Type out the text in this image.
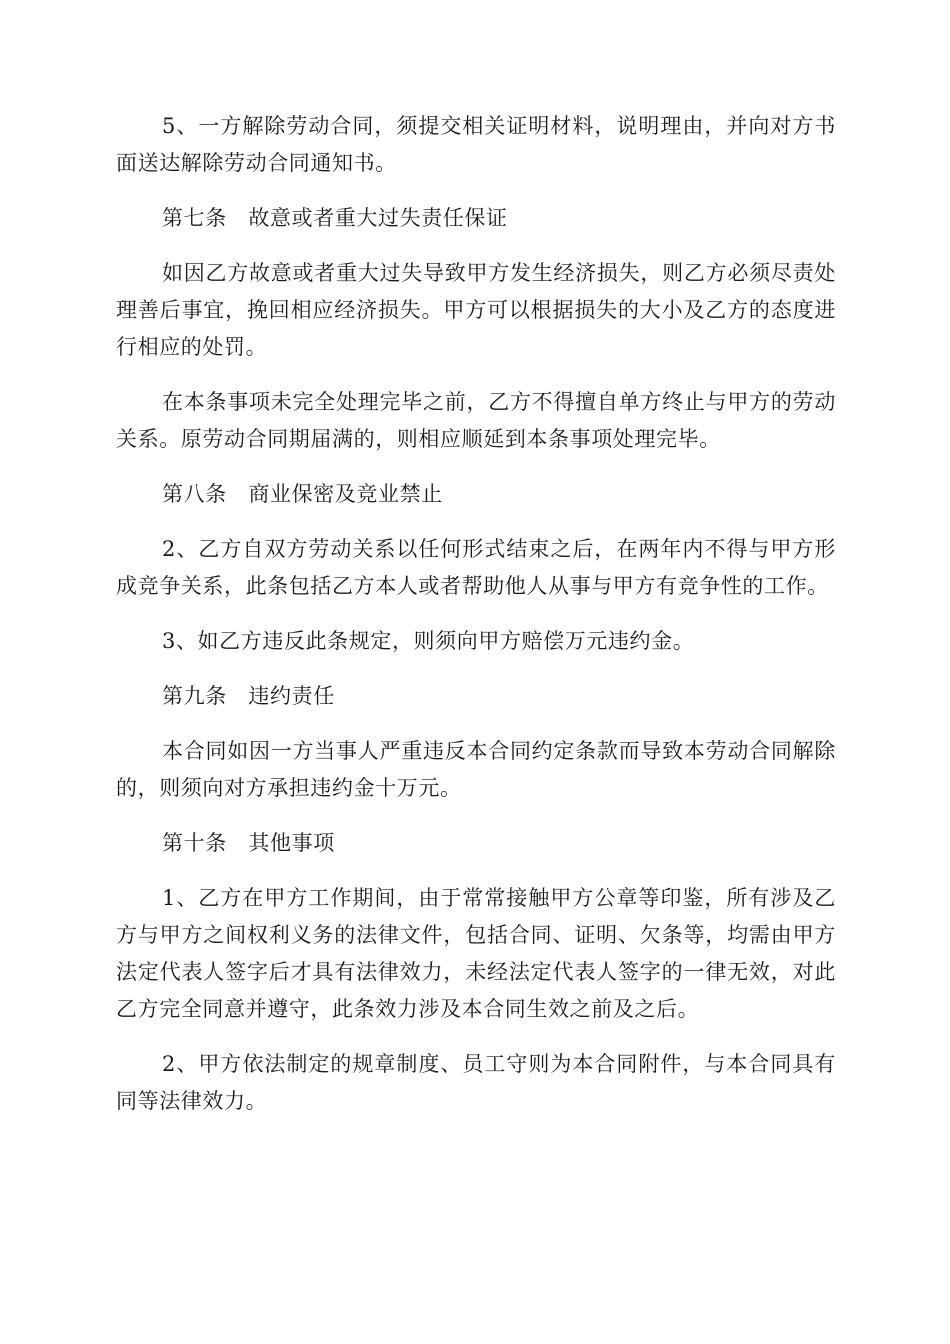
5、一方解除劳动合同，须提交相关证明材料，说明理由，并向对方书面送达解除劳动合同通知书。

第七条　故意或者重大过失责任保证

如因乙方故意或者重大过失导致甲方发生经济损失，则乙方必须尽责处理善后事宜，挽回相应经济损失。甲方可以根据损失的大小及乙方的态度进行相应的处罚。

在本条事项未完全处理完毕之前，乙方不得擅自单方终止与甲方的劳动关系。原劳动合同期届满的，则相应顺延到本条事项处理完毕。

第八条　商业保密及竞业禁止

2、乙方自双方劳动关系以任何形式结束之后，在两年内不得与甲方形成竞争关系，此条包括乙方本人或者帮助他人从事与甲方有竞争性的工作。

3、如乙方违反此条规定，则须向甲方赔偿万元违约金。

第九条　违约责任

本合同如因一方当事人严重违反本合同约定条款而导致本劳动合同解除的，则须向对方承担违约金十万元。

第十条　其他事项

1、乙方在甲方工作期间，由于常常接触甲方公章等印鉴，所有涉及乙方与甲方之间权利义务的法律文件，包括合同、证明、欠条等，均需由甲方法定代表人签字后才具有法律效力，未经法定代表人签字的一律无效，对此乙方完全同意并遵守，此条效力涉及本合同生效之前及之后。

2、甲方依法制定的规章制度、员工守则为本合同附件，与本合同具有同等法律效力。
